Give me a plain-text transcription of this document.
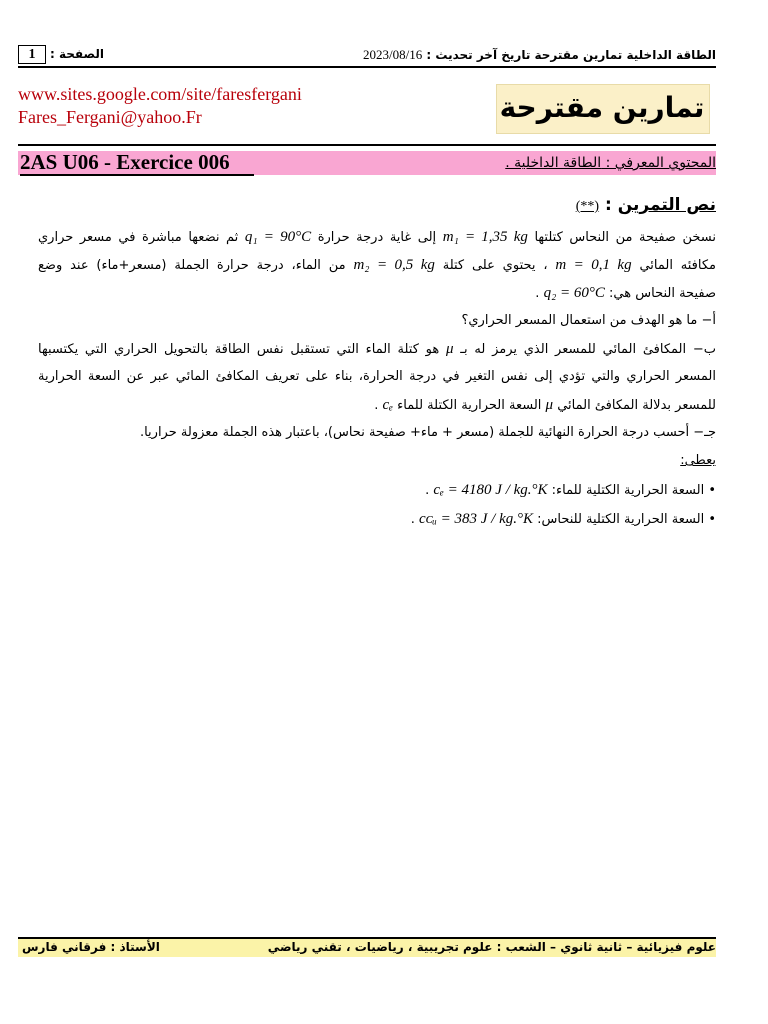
1	الصفحة :	الطاقة الداخلية تمارين مقترحة تاريخ آخر تحديث : 2023/08/16
www.sites.google.com/site/faresfergani
Fares_Fergani@yahoo.Fr	تمارين مقترحة
2AS U06 - Exercice 006	المحتوي المعرفي : الطاقة الداخلية .
نص التمرين : (**)
نسخن صفيحة من النحاس كتلتها m₁ = 1,35 kg إلى غاية درجة حرارة q₁ = 90°C ثم نضعها مباشرة في مسعر حراري
مكافئه المائي m = 0,1 kg ، يحتوي على كتلة m₂ = 0,5 kg من الماء، درجة حرارة الجملة (مسعر+ماء) عند وضع
صفيحة النحاس هي: q₂ = 60°C .
أ− ما هو الهدف من استعمال المسعر الحراري؟
ب− المكافئ المائي للمسعر الذي يرمز له بـ μ هو كتلة الماء التي تستقبل نفس الطاقة بالتحويل الحراري التي يكتسبها
المسعر الحراري والتي تؤدي إلى نفس التغير في درجة الحرارة، بناء على تعريف المكافئ المائي عبر عن السعة الحرارية
للمسعر بدلالة المكافئ المائي μ السعة الحرارية الكتلة للماء cₑ .
جـ− أحسب درجة الحرارة النهائية للجملة (مسعر + ماء+ صفيحة نحاس)، باعتبار هذه الجملة معزولة حراريا.
يعطى:
• السعة الحرارية الكتلية للماء: cₑ = 4180 J / kg.°K .
• السعة الحرارية الكتلية للنحاس: cᴄᵤ = 383 J / kg.°K .
علوم فيزيائية – ثانية ثانوي – الشعب : علوم تجريبية ، رياضيات ، تقني رياضي
الأستاذ : فرقاني فارس
